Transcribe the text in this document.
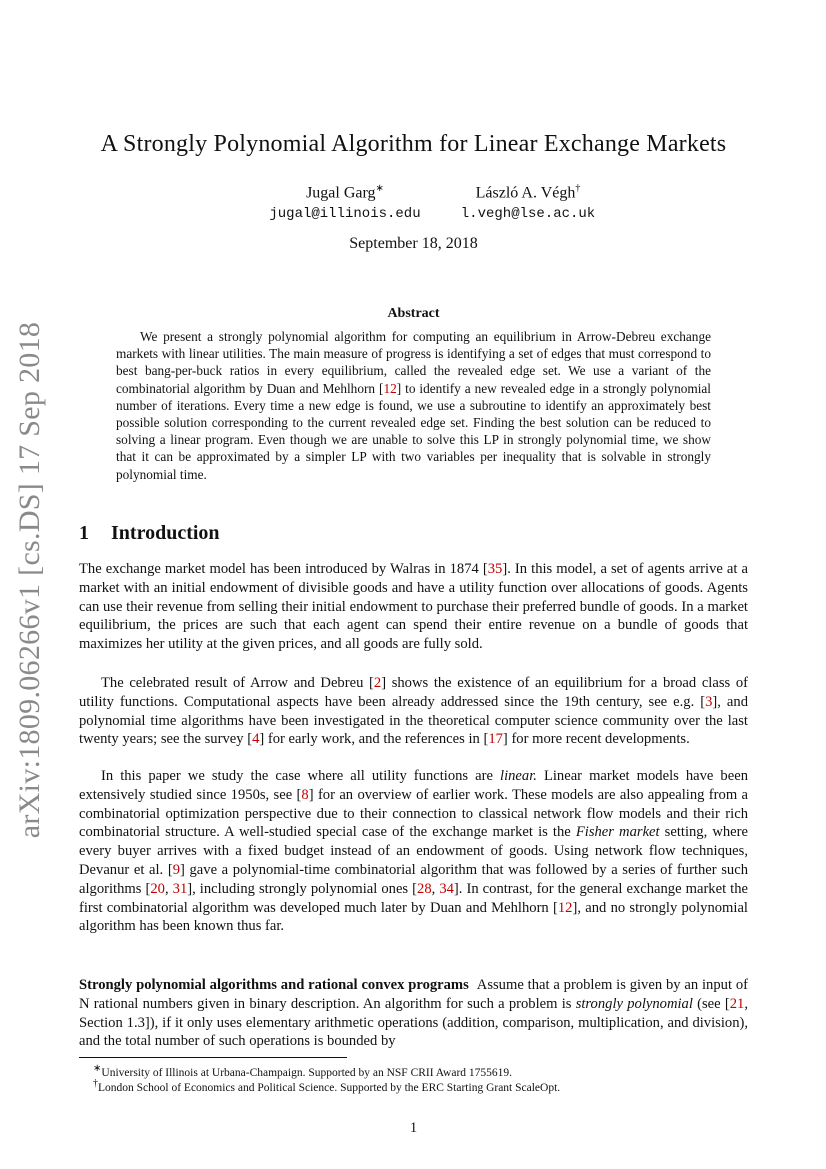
arXiv:1809.06266v1 [cs.DS] 17 Sep 2018
A Strongly Polynomial Algorithm for Linear Exchange Markets
Jugal Garg∗
jugal@illinois.edu
László A. Végh†
l.vegh@lse.ac.uk
September 18, 2018
Abstract

We present a strongly polynomial algorithm for computing an equilibrium in Arrow-Debreu exchange markets with linear utilities. The main measure of progress is identifying a set of edges that must correspond to best bang-per-buck ratios in every equilibrium, called the revealed edge set. We use a variant of the combinatorial algorithm by Duan and Mehlhorn [12] to identify a new revealed edge in a strongly polynomial number of iterations. Every time a new edge is found, we use a subroutine to identify an approximately best possible solution corresponding to the current revealed edge set. Finding the best solution can be reduced to solving a linear program. Even though we are unable to solve this LP in strongly polynomial time, we show that it can be approximated by a simpler LP with two variables per inequality that is solvable in strongly polynomial time.

1 Introduction

The exchange market model has been introduced by Walras in 1874 [35]. In this model, a set of agents arrive at a market with an initial endowment of divisible goods and have a utility function over allocations of goods. Agents can use their revenue from selling their initial endowment to purchase their preferred bundle of goods. In a market equilibrium, the prices are such that each agent can spend their entire revenue on a bundle of goods that maximizes her utility at the given prices, and all goods are fully sold.

The celebrated result of Arrow and Debreu [2] shows the existence of an equilibrium for a broad class of utility functions. Computational aspects have been already addressed since the 19th century, see e.g. [3], and polynomial time algorithms have been investigated in the theoretical computer science community over the last twenty years; see the survey [4] for early work, and the references in [17] for more recent developments.

In this paper we study the case where all utility functions are linear. Linear market models have been extensively studied since 1950s, see [8] for an overview of earlier work. These models are also appealing from a combinatorial optimization perspective due to their connection to classical network flow models and their rich combinatorial structure. A well-studied special case of the exchange market is the Fisher market setting, where every buyer arrives with a fixed budget instead of an endowment of goods. Using network flow techniques, Devanur et al. [9] gave a polynomial-time combinatorial algorithm that was followed by a series of further such algorithms [20, 31], including strongly polynomial ones [28, 34]. In contrast, for the general exchange market the first combinatorial algorithm was developed much later by Duan and Mehlhorn [12], and no strongly polynomial algorithm has been known thus far.

Strongly polynomial algorithms and rational convex programs Assume that a problem is given by an input of N rational numbers given in binary description. An algorithm for such a problem is strongly polynomial (see [21, Section 1.3]), if it only uses elementary arithmetic operations (addition, comparison, multiplication, and division), and the total number of such operations is bounded by

∗University of Illinois at Urbana-Champaign. Supported by an NSF CRII Award 1755619.
†London School of Economics and Political Science. Supported by the ERC Starting Grant ScaleOpt.
1
